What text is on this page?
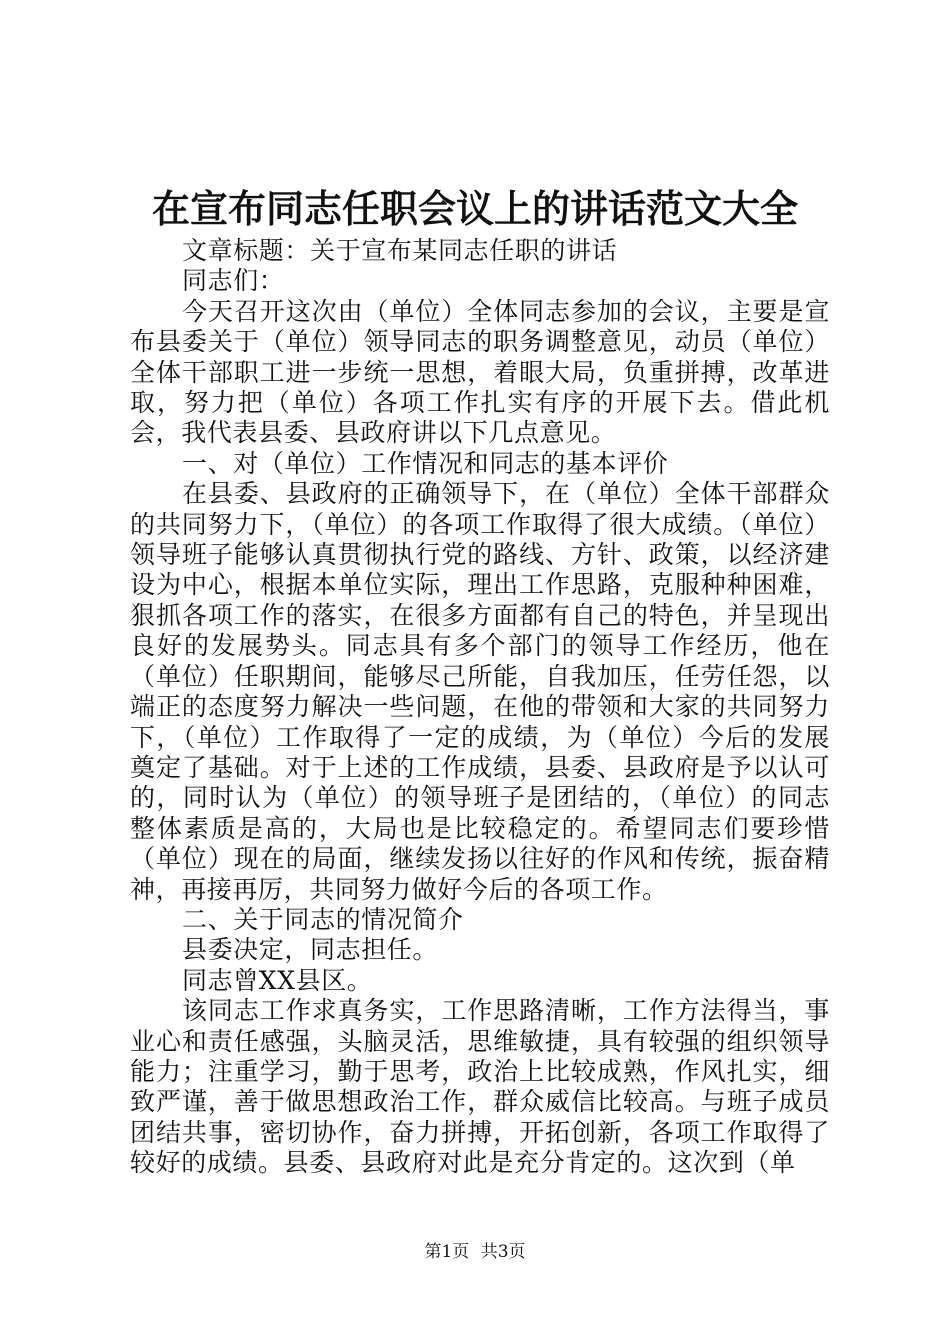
在宣布同志任职会议上的讲话范文大全

文章标题：关于宣布某同志任职的讲话

同志们：

今天召开这次由（单位）全体同志参加的会议，主要是宣布县委关于（单位）领导同志的职务调整意见，动员（单位）全体干部职工进一步统一思想，着眼大局，负重拼搏，改革进取，努力把（单位）各项工作扎实有序的开展下去。借此机会，我代表县委、县政府讲以下几点意见。

一、对（单位）工作情况和同志的基本评价

在县委、县政府的正确领导下，在（单位）全体干部群众的共同努力下，（单位）的各项工作取得了很大成绩。（单位）领导班子能够认真贯彻执行党的路线、方针、政策，以经济建设为中心，根据本单位实际，理出工作思路，克服种种困难，狠抓各项工作的落实，在很多方面都有自己的特色，并呈现出良好的发展势头。同志具有多个部门的领导工作经历，他在（单位）任职期间，能够尽己所能，自我加压，任劳任怨，以端正的态度努力解决一些问题，在他的带领和大家的共同努力下，（单位）工作取得了一定的成绩，为（单位）今后的发展奠定了基础。对于上述的工作成绩，县委、县政府是予以认可的，同时认为（单位）的领导班子是团结的，（单位）的同志整体素质是高的，大局也是比较稳定的。希望同志们要珍惜（单位）现在的局面，继续发扬以往好的作风和传统，振奋精神，再接再厉，共同努力做好今后的各项工作。

二、关于同志的情况简介

县委决定，同志担任。

同志曾XX县区。

该同志工作求真务实，工作思路清晰，工作方法得当，事业心和责任感强，头脑灵活，思维敏捷，具有较强的组织领导能力；注重学习，勤于思考，政治上比较成熟，作风扎实，细致严谨，善于做思想政治工作，群众威信比较高。与班子成员团结共事，密切协作，奋力拼搏，开拓创新，各项工作取得了较好的成绩。县委、县政府对此是充分肯定的。这次到（单

第1页 共3页
